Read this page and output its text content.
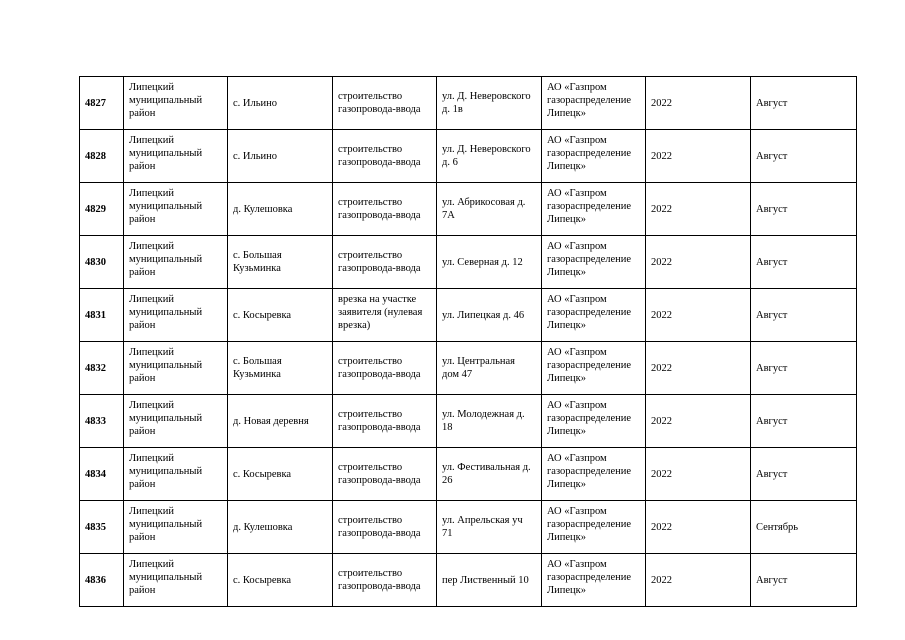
4827	Липецкий муниципальный район	с. Ильино	строительство газопровода-ввода	ул. Д. Неверовского д. 1в	АО «Газпром газораспределение Липецк»	2022	Август
4828	Липецкий муниципальный район	с. Ильино	строительство газопровода-ввода	ул. Д. Неверовского д. 6	АО «Газпром газораспределение Липецк»	2022	Август
4829	Липецкий муниципальный район	д. Кулешовка	строительство газопровода-ввода	ул. Абрикосовая д. 7А	АО «Газпром газораспределение Липецк»	2022	Август
4830	Липецкий муниципальный район	с. Большая Кузьминка	строительство газопровода-ввода	ул. Северная д. 12	АО «Газпром газораспределение Липецк»	2022	Август
4831	Липецкий муниципальный район	с. Косыревка	врезка на участке заявителя (нулевая врезка)	ул. Липецкая д. 46	АО «Газпром газораспределение Липецк»	2022	Август
4832	Липецкий муниципальный район	с. Большая Кузьминка	строительство газопровода-ввода	ул. Центральная дом 47	АО «Газпром газораспределение Липецк»	2022	Август
4833	Липецкий муниципальный район	д. Новая деревня	строительство газопровода-ввода	ул. Молодежная д. 18	АО «Газпром газораспределение Липецк»	2022	Август
4834	Липецкий муниципальный район	с. Косыревка	строительство газопровода-ввода	ул. Фестивальная д. 26	АО «Газпром газораспределение Липецк»	2022	Август
4835	Липецкий муниципальный район	д. Кулешовка	строительство газопровода-ввода	ул. Апрельская уч 71	АО «Газпром газораспределение Липецк»	2022	Сентябрь
4836	Липецкий муниципальный район	с. Косыревка	строительство газопровода-ввода	пер Лиственный 10	АО «Газпром газораспределение Липецк»	2022	Август
